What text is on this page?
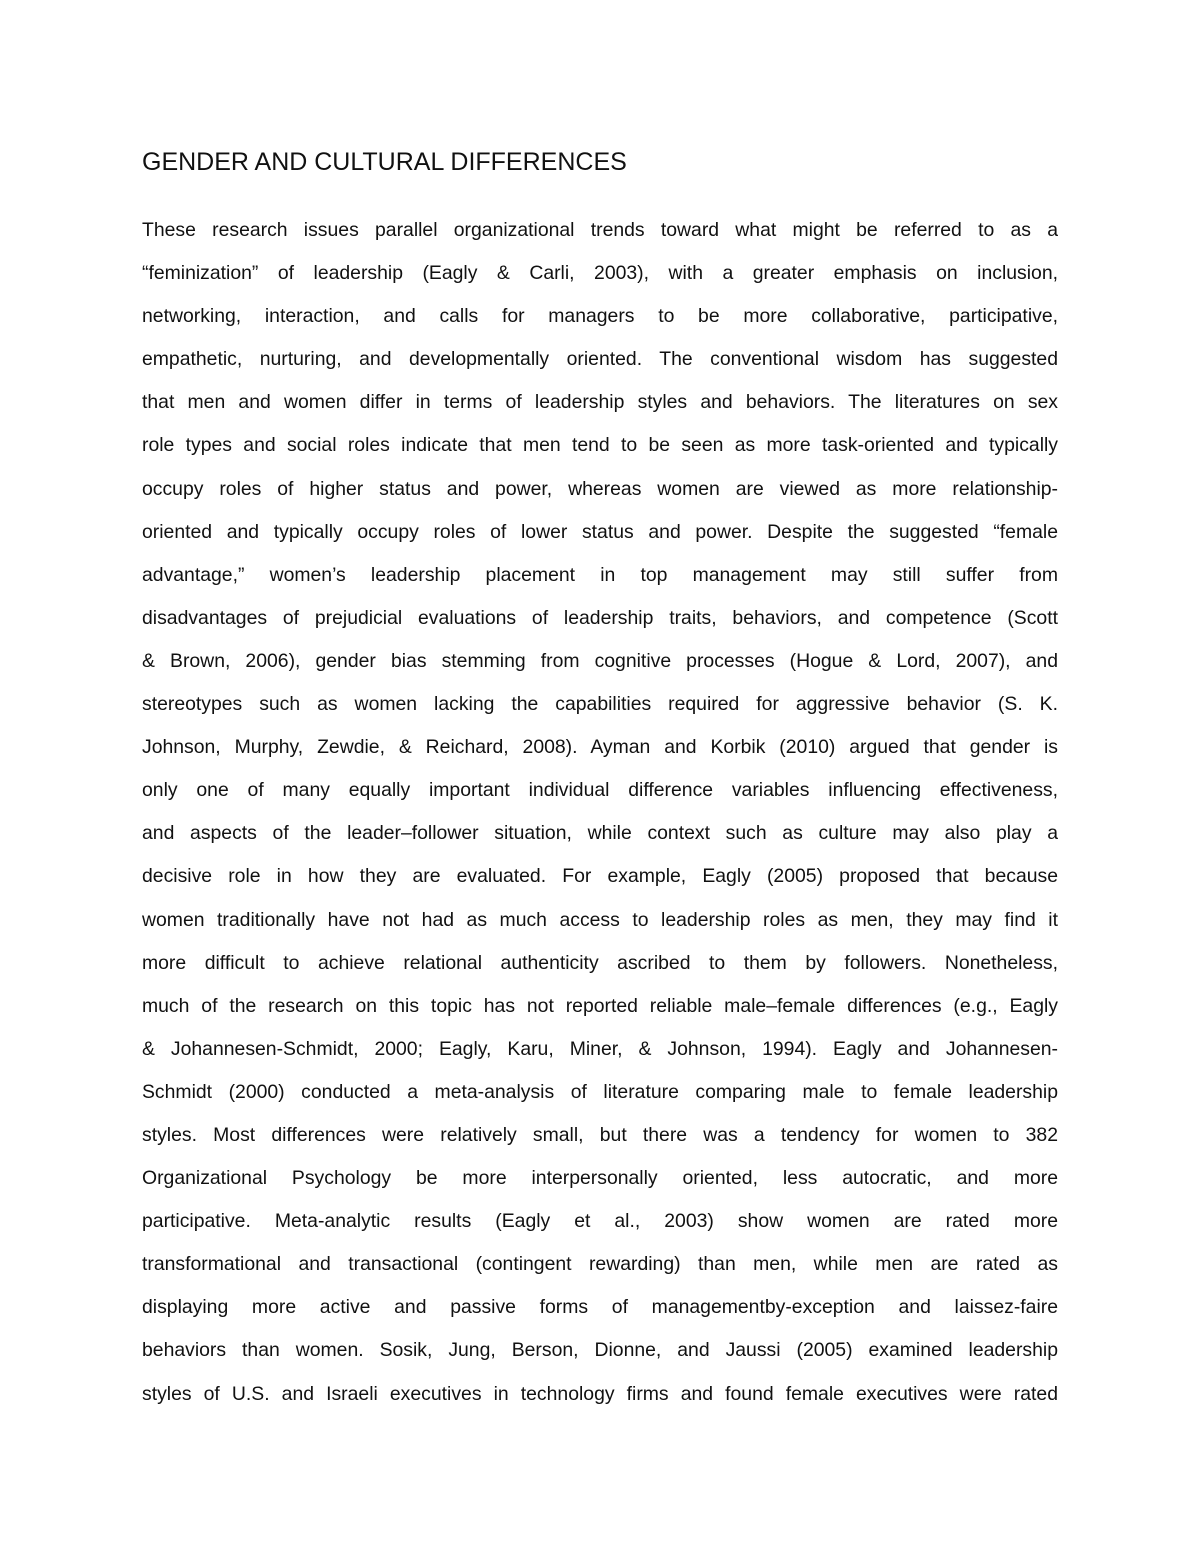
GENDER AND CULTURAL DIFFERENCES
These research issues parallel organizational trends toward what might be referred to as a
“feminization” of leadership (Eagly & Carli, 2003), with a greater emphasis on inclusion,
networking, interaction, and calls for managers to be more collaborative, participative,
empathetic, nurturing, and developmentally oriented. The conventional wisdom has suggested
that men and women differ in terms of leadership styles and behaviors. The literatures on sex
role types and social roles indicate that men tend to be seen as more task-oriented and typically
occupy roles of higher status and power, whereas women are viewed as more relationship-
oriented and typically occupy roles of lower status and power. Despite the suggested “female
advantage,” women’s leadership placement in top management may still suffer from
disadvantages of prejudicial evaluations of leadership traits, behaviors, and competence (Scott
& Brown, 2006), gender bias stemming from cognitive processes (Hogue & Lord, 2007), and
stereotypes such as women lacking the capabilities required for aggressive behavior (S. K.
Johnson, Murphy, Zewdie, & Reichard, 2008). Ayman and Korbik (2010) argued that gender is
only one of many equally important individual difference variables influencing effectiveness,
and aspects of the leader–follower situation, while context such as culture may also play a
decisive role in how they are evaluated. For example, Eagly (2005) proposed that because
women traditionally have not had as much access to leadership roles as men, they may find it
more difficult to achieve relational authenticity ascribed to them by followers. Nonetheless,
much of the research on this topic has not reported reliable male–female differences (e.g., Eagly
& Johannesen-Schmidt, 2000; Eagly, Karu, Miner, & Johnson, 1994). Eagly and Johannesen-
Schmidt (2000) conducted a meta-analysis of literature comparing male to female leadership
styles. Most differences were relatively small, but there was a tendency for women to 382
Organizational Psychology be more interpersonally oriented, less autocratic, and more
participative. Meta-analytic results (Eagly et al., 2003) show women are rated more
transformational and transactional (contingent rewarding) than men, while men are rated as
displaying more active and passive forms of managementby-exception and laissez-faire
behaviors than women. Sosik, Jung, Berson, Dionne, and Jaussi (2005) examined leadership
styles of U.S. and Israeli executives in technology firms and found female executives were rated
